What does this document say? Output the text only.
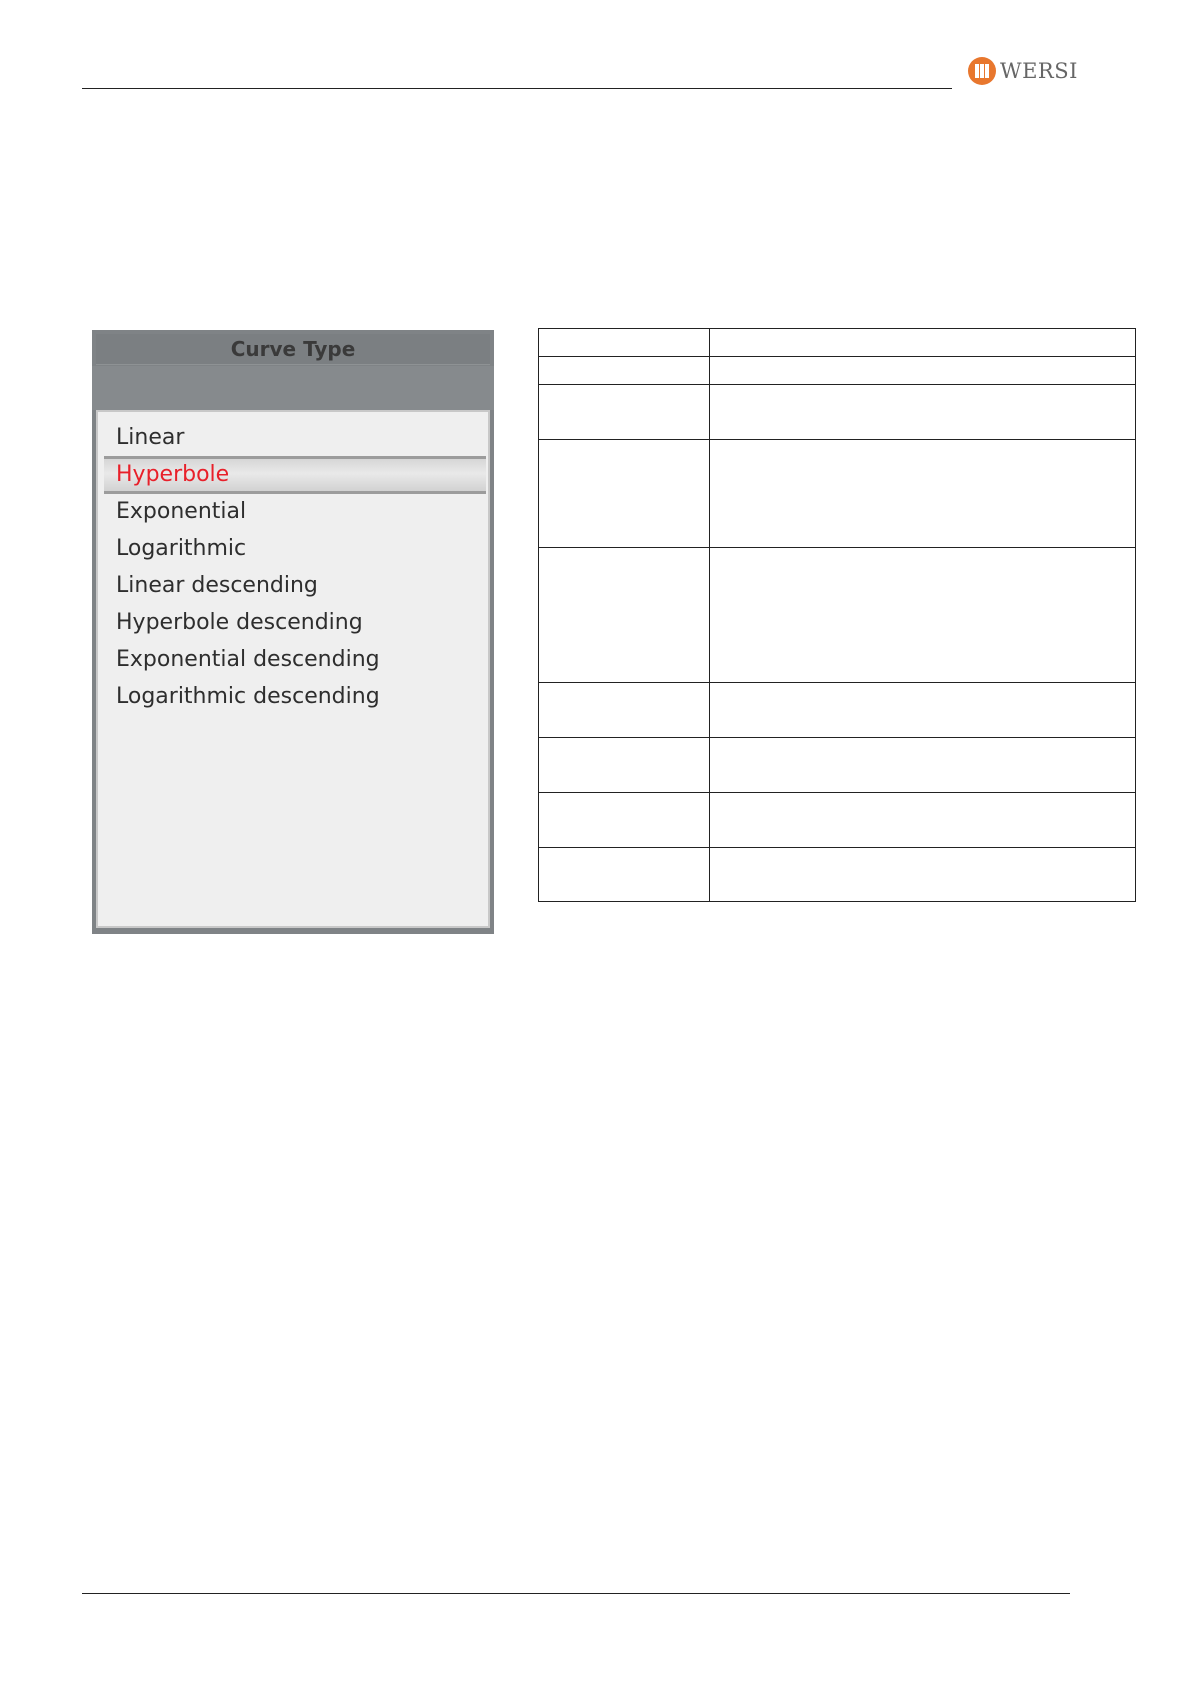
WERSI
Curve Type
Linear
Hyperbole
Exponential
Logarithmic
Linear descending
Hyperbole descending
Exponential descending
Logarithmic descending
